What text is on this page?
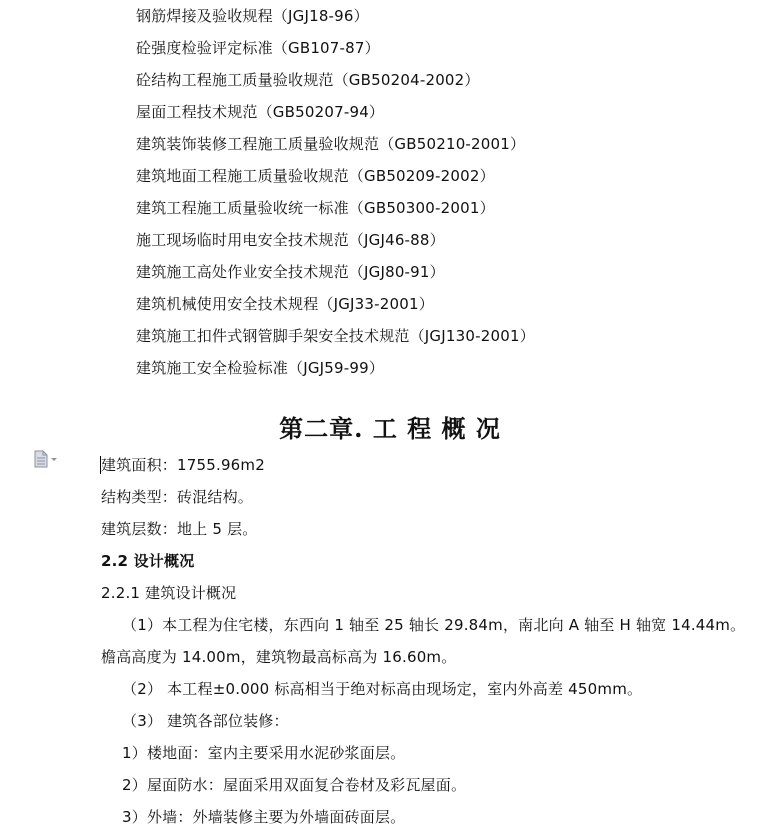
钢筋焊接及验收规程（JGJ18-96）
砼强度检验评定标准（GB107-87）
砼结构工程施工质量验收规范（GB50204-2002）
屋面工程技术规范（GB50207-94）
建筑装饰装修工程施工质量验收规范（GB50210-2001）
建筑地面工程施工质量验收规范（GB50209-2002）
建筑工程施工质量验收统一标准（GB50300-2001）
施工现场临时用电安全技术规范（JGJ46-88）
建筑施工高处作业安全技术规范（JGJ80-91）
建筑机械使用安全技术规程（JGJ33-2001）
建筑施工扣件式钢管脚手架安全技术规范（JGJ130-2001）
建筑施工安全检验标准（JGJ59-99）
第二章. 工 程 概 况
建筑面积：1755.96m2
结构类型：砖混结构。
建筑层数：地上 5 层。
2.2 设计概况
2.2.1 建筑设计概况
（1）本工程为住宅楼，东西向 1 轴至 25 轴长 29.84m，南北向 A 轴至 H 轴宽 14.44m。
檐高高度为 14.00m，建筑物最高标高为 16.60m。
（2） 本工程±0.000 标高相当于绝对标高由现场定，室内外高差 450mm。
（3） 建筑各部位装修：
1）楼地面：室内主要采用水泥砂浆面层。
2）屋面防水：屋面采用双面复合卷材及彩瓦屋面。
3）外墙：外墙装修主要为外墙面砖面层。
